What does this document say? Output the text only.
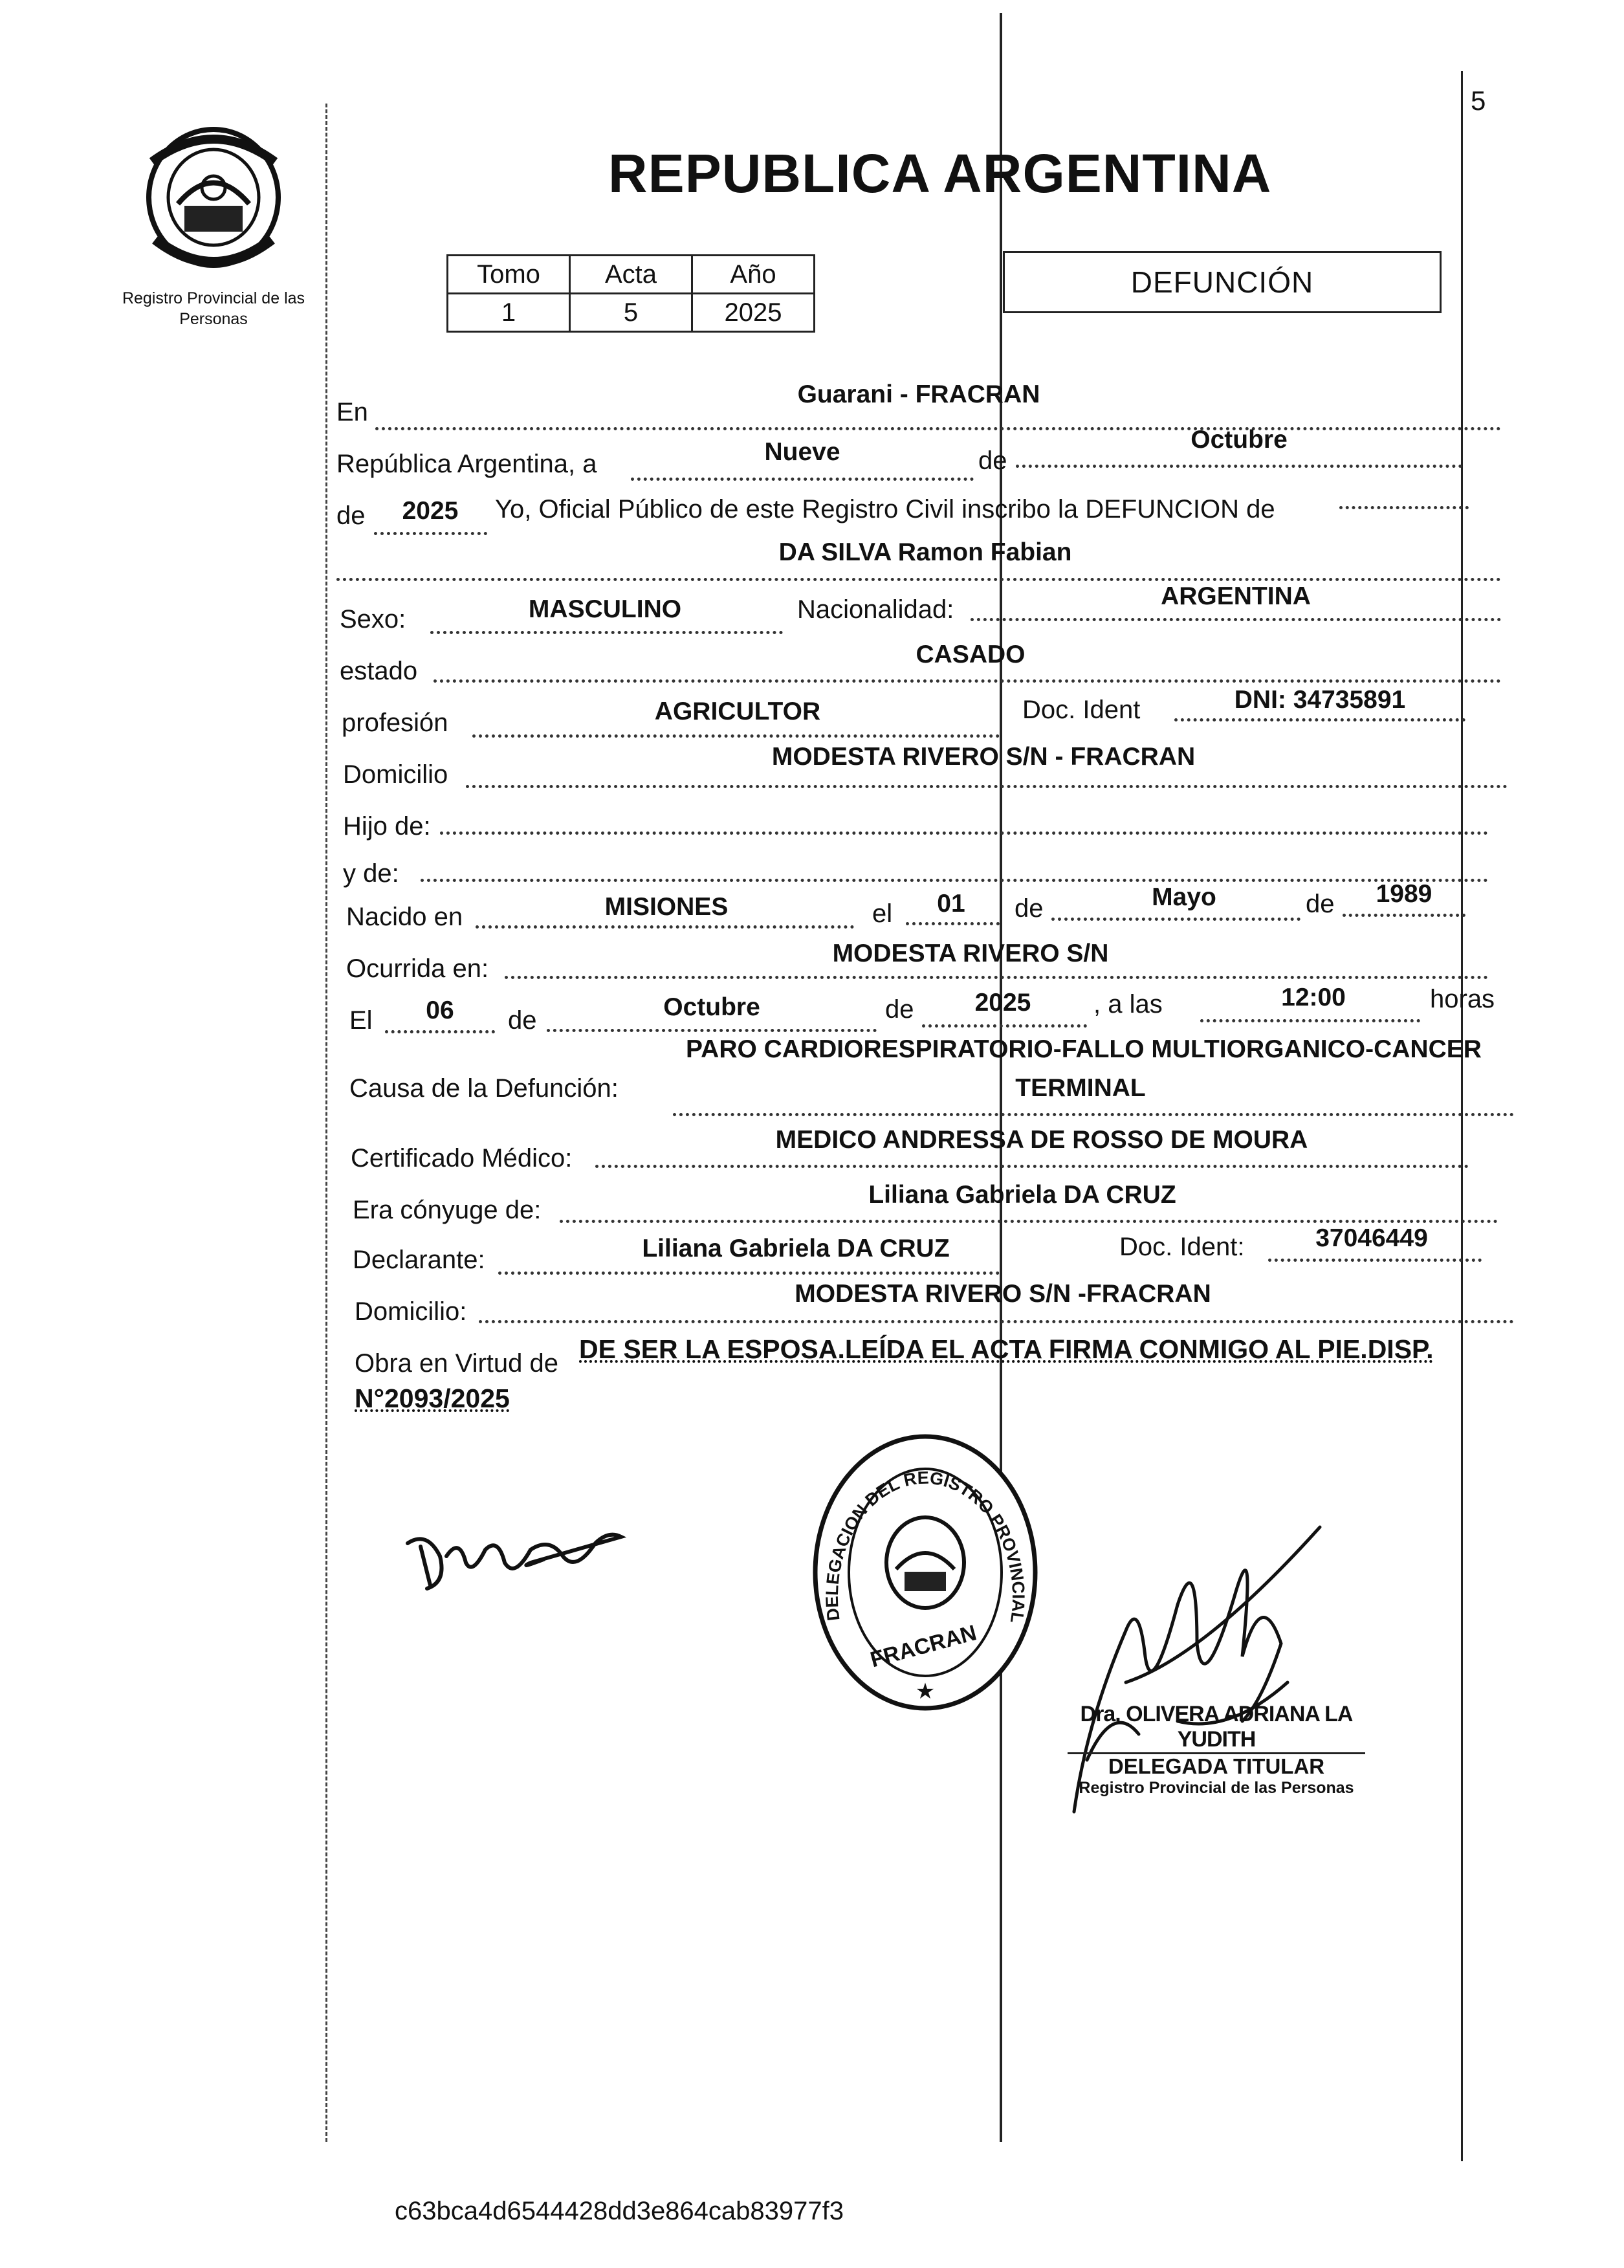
5
Registro Provincial de las Personas
REPUBLICA ARGENTINA
Tomo	Acta	Año
1	5	2025
DEFUNCIÓN
En
Guarani - FRACRAN
República Argentina, a	Nueve	de
Octubre
de	2025	Yo, Oficial Público de este Registro Civil inscribo la DEFUNCION de
DA SILVA Ramon Fabian
Sexo:	MASCULINO	Nacionalidad:	ARGENTINA
estado
CASADO
profesión	AGRICULTOR	Doc. Ident	DNI: 34735891
Domicilio
MODESTA RIVERO S/N - FRACRAN
Hijo de:
y de:
Nacido en	MISIONES	el	01	de	Mayo	de	1989
Ocurrida en:
MODESTA RIVERO S/N
El	06	de	Octubre	de	2025	, a las	12:00	horas
Causa de la Defunción:
PARO CARDIORESPIRATORIO-FALLO MULTIORGANICO-CANCER
TERMINAL
Certificado Médico:
MEDICO ANDRESSA DE ROSSO DE MOURA
Era cónyuge de:
Liliana Gabriela DA CRUZ
Declarante:	Liliana Gabriela DA CRUZ	Doc. Ident:	37046449
Domicilio:
MODESTA RIVERO S/N -FRACRAN
Obra en Virtud de DE SER LA ESPOSA.LEÍDA EL ACTA FIRMA CONMIGO AL PIE.DISP.
N°2093/2025
DELEGACION DEL REGISTRO PROVINCIAL
FRACRAN
★
Dra. OLIVERA ADRIANA LA YUDITH
DELEGADA TITULAR
Registro Provincial de las Personas
c63bca4d6544428dd3e864cab83977f3
